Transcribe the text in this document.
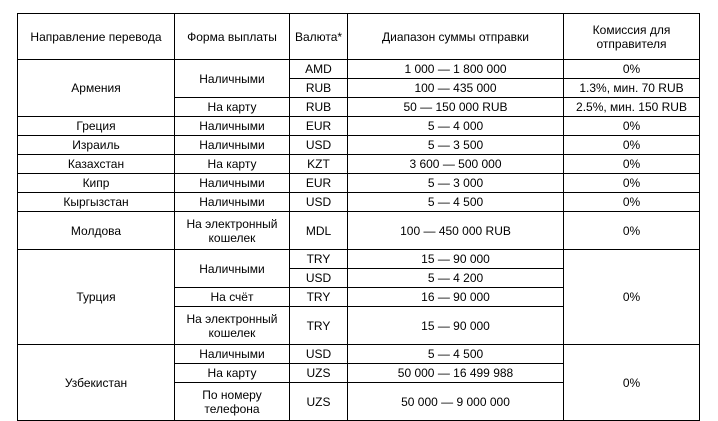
Направление перевода	Форма выплаты	Валюта*	Диапазон суммы отправки	Комиссия для
отправителя

Армения	Наличными	AMD	1 000 — 1 800 000	0%
		RUB	100 — 435 000	1.3%, мин. 70 RUB
	На карту	RUB	50 — 150 000 RUB	2.5%, мин. 150 RUB
Греция	Наличными	EUR	5 — 4 000	0%
Израиль	Наличными	USD	5 — 3 500	0%
Казахстан	На карту	KZT	3 600 — 500 000	0%
Кипр	Наличными	EUR	5 — 3 000	0%
Кыргызстан	Наличными	USD	5 — 4 500	0%
Молдова	На электронный
кошелек	MDL	100 — 450 000 RUB	0%
Турция	Наличными	TRY	15 — 90 000	0%
		USD	5 — 4 200	
	На счёт	TRY	16 — 90 000	

	На электронный
кошелек	TRY	15 — 90 000	
Узбекистан	Наличными	USD	5 — 4 500	0%
	На карту	UZS	50 000 — 16 499 988	

	По номеру
телефона	UZS	50 000 — 9 000 000	
